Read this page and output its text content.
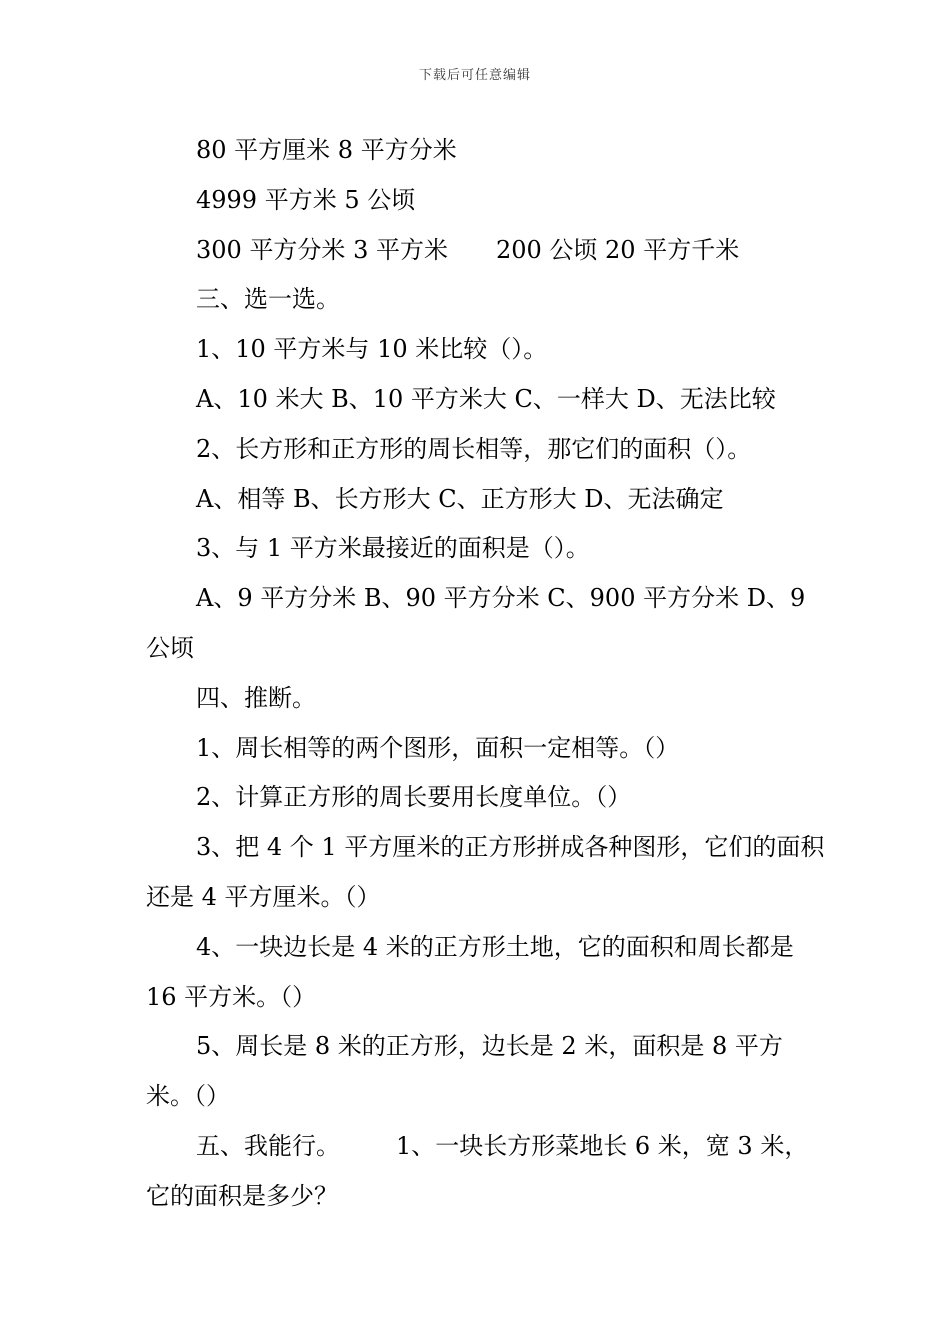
下载后可任意编辑

80 平方厘米 8 平方分米

4999 平方米 5 公顷

300 平方分米 3 平方米 200 公顷 20 平方千米

三、选一选。

1、10 平方米与 10 米比较（）。

A、10 米大 B、10 平方米大 C、一样大 D、无法比较

2、长方形和正方形的周长相等，那它们的面积（）。

A、相等 B、长方形大 C、正方形大 D、无法确定

3、与 1 平方米最接近的面积是（）。

A、9 平方分米 B、90 平方分米 C、900 平方分米 D、9 公顷

四、推断。

1、周长相等的两个图形，面积一定相等。（）

2、计算正方形的周长要用长度单位。（）

3、把 4 个 1 平方厘米的正方形拼成各种图形，它们的面积还是 4 平方厘米。（）

4、一块边长是 4 米的正方形土地，它的面积和周长都是 16 平方米。（）

5、周长是 8 米的正方形，边长是 2 米，面积是 8 平方米。（）

五、我能行。 1、一块长方形菜地长 6 米，宽 3 米，它的面积是多少？
